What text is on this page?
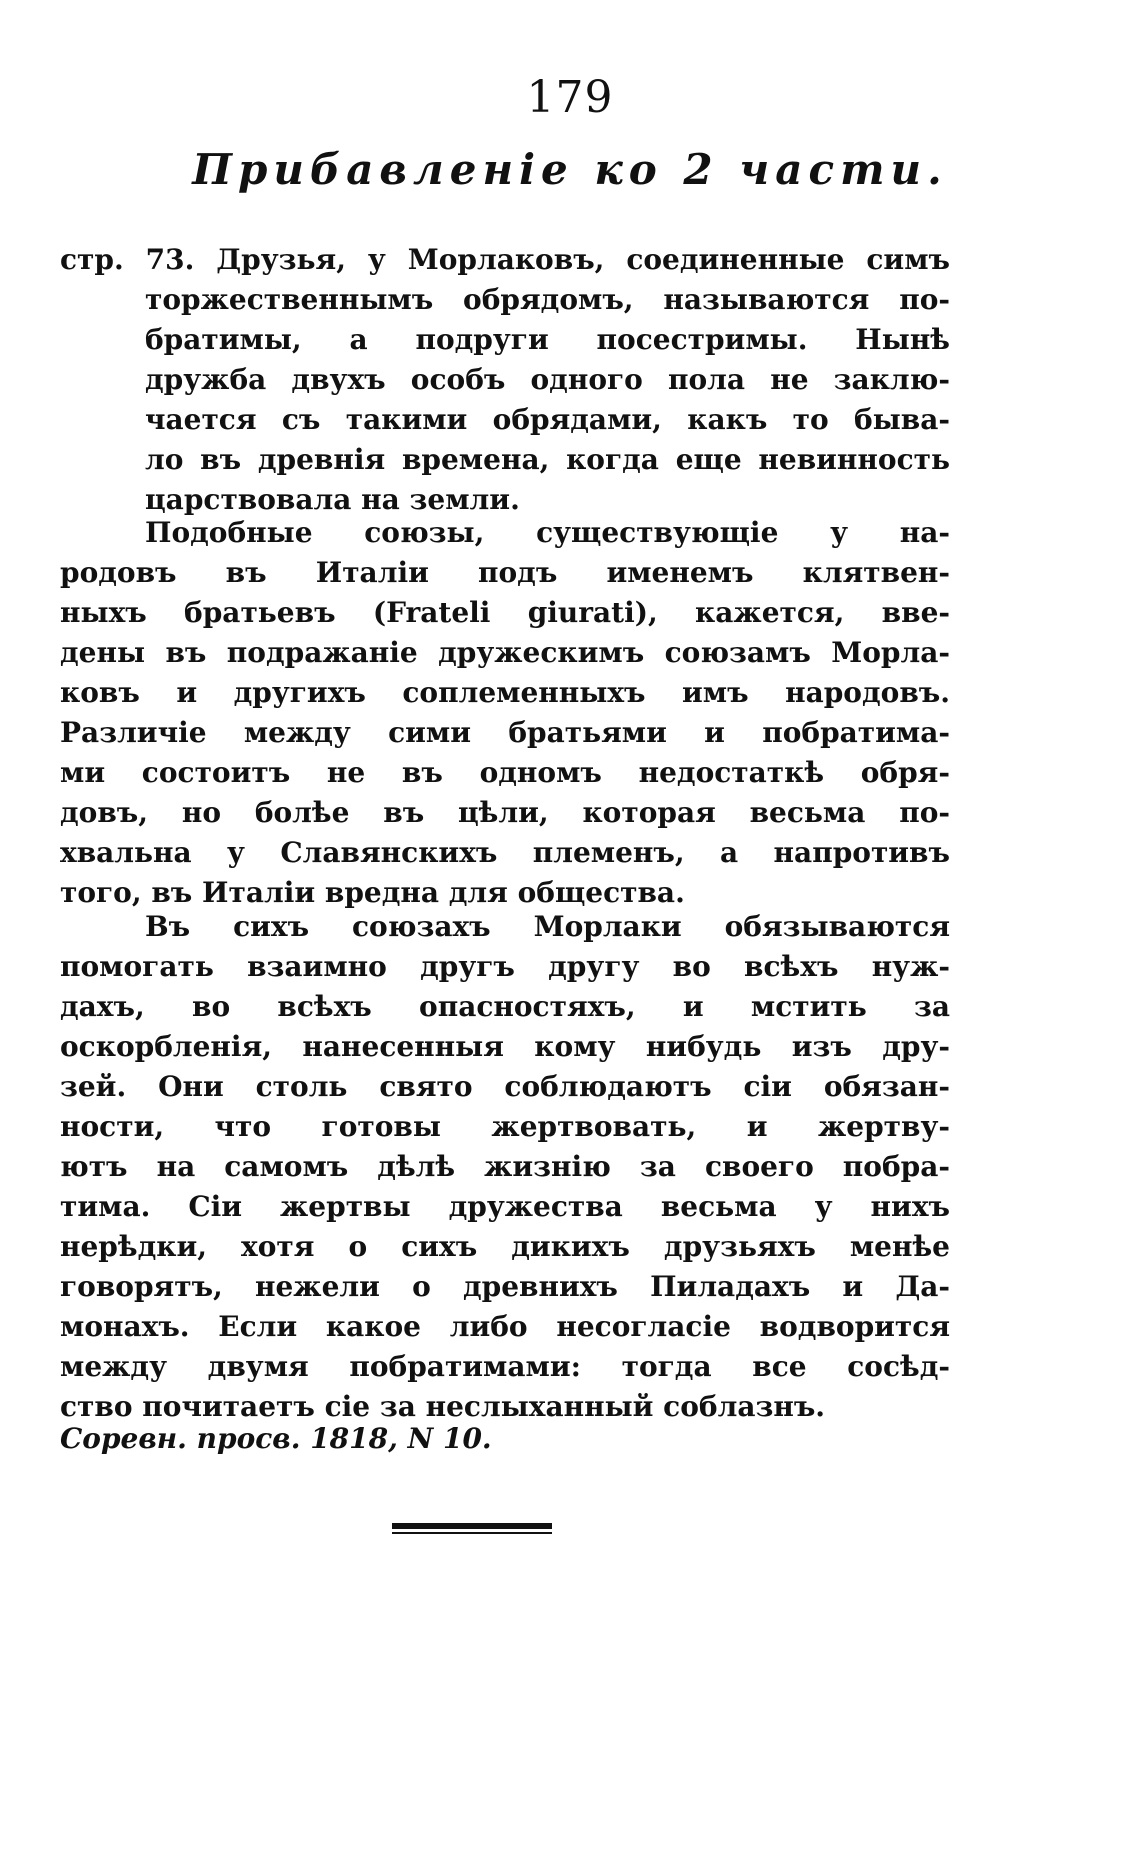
179
Прибавленіе ко 2 части.
стр. 73. Друзья, у Морлаковъ, соединенные симъ
торжественнымъ обрядомъ, называются по-
братимы, а подруги посестримы. Нынѣ
дружба двухъ особъ одного пола не заклю-
чается съ такими обрядами, какъ то быва-
ло въ древнія времена, когда еще невинность
царствовала на земли.
Подобные союзы, существующіе у на-
родовъ въ Италіи подъ именемъ клятвен-
ныхъ братьевъ (Frateli giurati), кажется, вве-
дены въ подражаніе дружескимъ союзамъ Морла-
ковъ и другихъ соплеменныхъ имъ народовъ.
Различіе между сими братьями и побратима-
ми состоитъ не въ одномъ недостаткѣ обря-
довъ, но болѣе въ цѣли, которая весьма по-
хвальна у Славянскихъ племенъ, а напротивъ
того, въ Италіи вредна для общества.
Въ сихъ союзахъ Морлаки обязываются
помогать взаимно другъ другу во всѣхъ нуж-
дахъ, во всѣхъ опасностяхъ, и мстить за
оскорбленія, нанесенныя кому нибудь изъ дру-
зей. Они столь свято соблюдаютъ сіи обязан-
ности, что готовы жертвовать, и жертву-
ютъ на самомъ дѣлѣ жизнію за своего побра-
тима. Сіи жертвы дружества весьма у нихъ
нерѣдки, хотя о сихъ дикихъ друзьяхъ менѣе
говорятъ, нежели о древнихъ Пиладахъ и Да-
монахъ. Если какое либо несогласіе водворится
между двумя побратимами: тогда все сосѣд-
ство почитаетъ сіе за неслыханный соблазнъ.
Соревн. просв. 1818, N 10.
